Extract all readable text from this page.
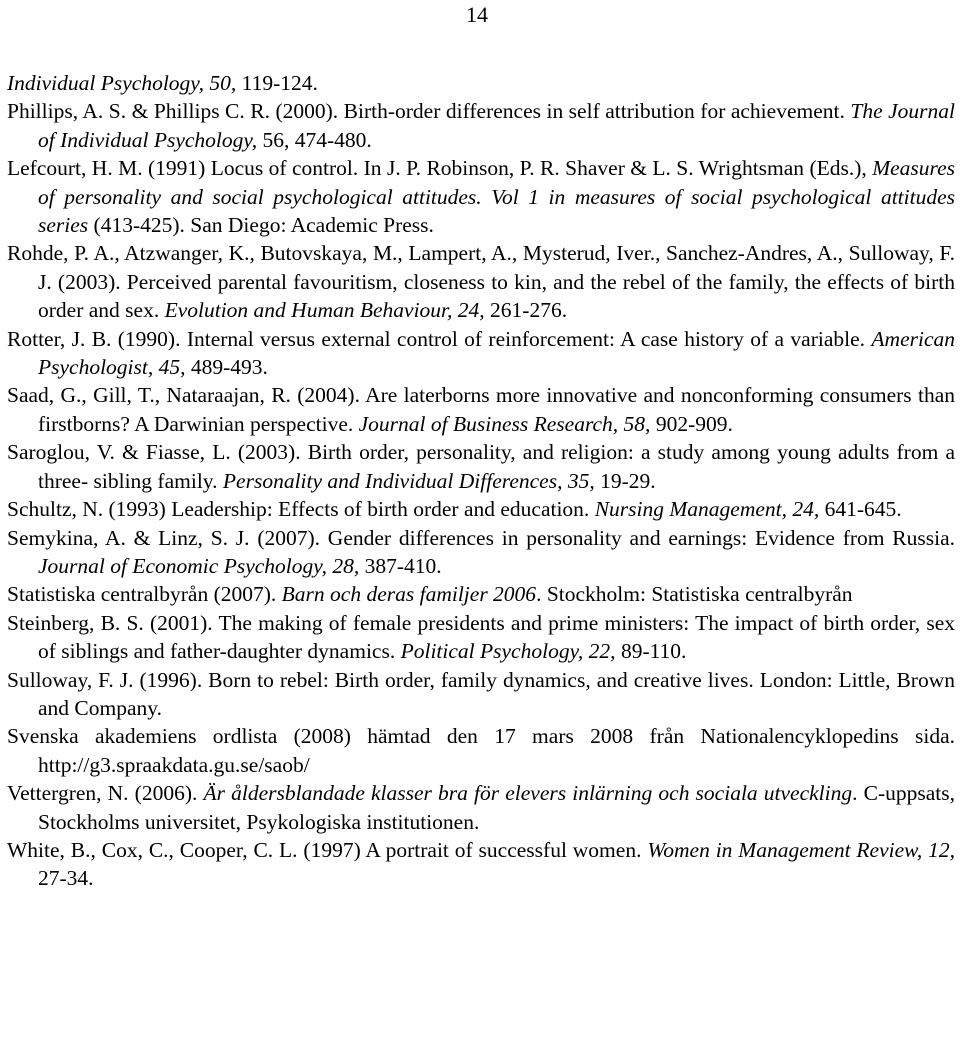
14
Individual Psychology, 50, 119-124.
Phillips, A. S. & Phillips C. R. (2000). Birth-order differences in self attribution for achievement. The Journal of Individual Psychology, 56, 474-480.
Lefcourt, H. M. (1991) Locus of control. In J. P. Robinson, P. R. Shaver & L. S. Wrightsman (Eds.), Measures of personality and social psychological attitudes. Vol 1 in measures of social psychological attitudes series (413-425). San Diego: Academic Press.
Rohde, P. A., Atzwanger, K., Butovskaya, M., Lampert, A., Mysterud, Iver., Sanchez-Andres, A., Sulloway, F. J. (2003). Perceived parental favouritism, closeness to kin, and the rebel of the family, the effects of birth order and sex. Evolution and Human Behaviour, 24, 261-276.
Rotter, J. B. (1990). Internal versus external control of reinforcement: A case history of a variable. American Psychologist, 45, 489-493.
Saad, G., Gill, T., Nataraajan, R. (2004). Are laterborns more innovative and nonconforming consumers than firstborns? A Darwinian perspective. Journal of Business Research, 58, 902-909.
Saroglou, V. & Fiasse, L. (2003). Birth order, personality, and religion: a study among young adults from a three- sibling family. Personality and Individual Differences, 35, 19-29.
Schultz, N. (1993) Leadership: Effects of birth order and education. Nursing Management, 24, 641-645.
Semykina, A. & Linz, S. J. (2007). Gender differences in personality and earnings: Evidence from Russia. Journal of Economic Psychology, 28, 387-410.
Statistiska centralbyrån (2007). Barn och deras familjer 2006. Stockholm: Statistiska centralbyrån
Steinberg, B. S. (2001). The making of female presidents and prime ministers: The impact of birth order, sex of siblings and father-daughter dynamics. Political Psychology, 22, 89-110.
Sulloway, F. J. (1996). Born to rebel: Birth order, family dynamics, and creative lives. London: Little, Brown and Company.
Svenska akademiens ordlista (2008) hämtad den 17 mars 2008 från Nationalencyklopedins sida. http://g3.spraakdata.gu.se/saob/
Vettergren, N. (2006). Är åldersblandade klasser bra för elevers inlärning och sociala utveckling. C-uppsats, Stockholms universitet, Psykologiska institutionen.
White, B., Cox, C., Cooper, C. L. (1997) A portrait of successful women. Women in Management Review, 12, 27-34.
